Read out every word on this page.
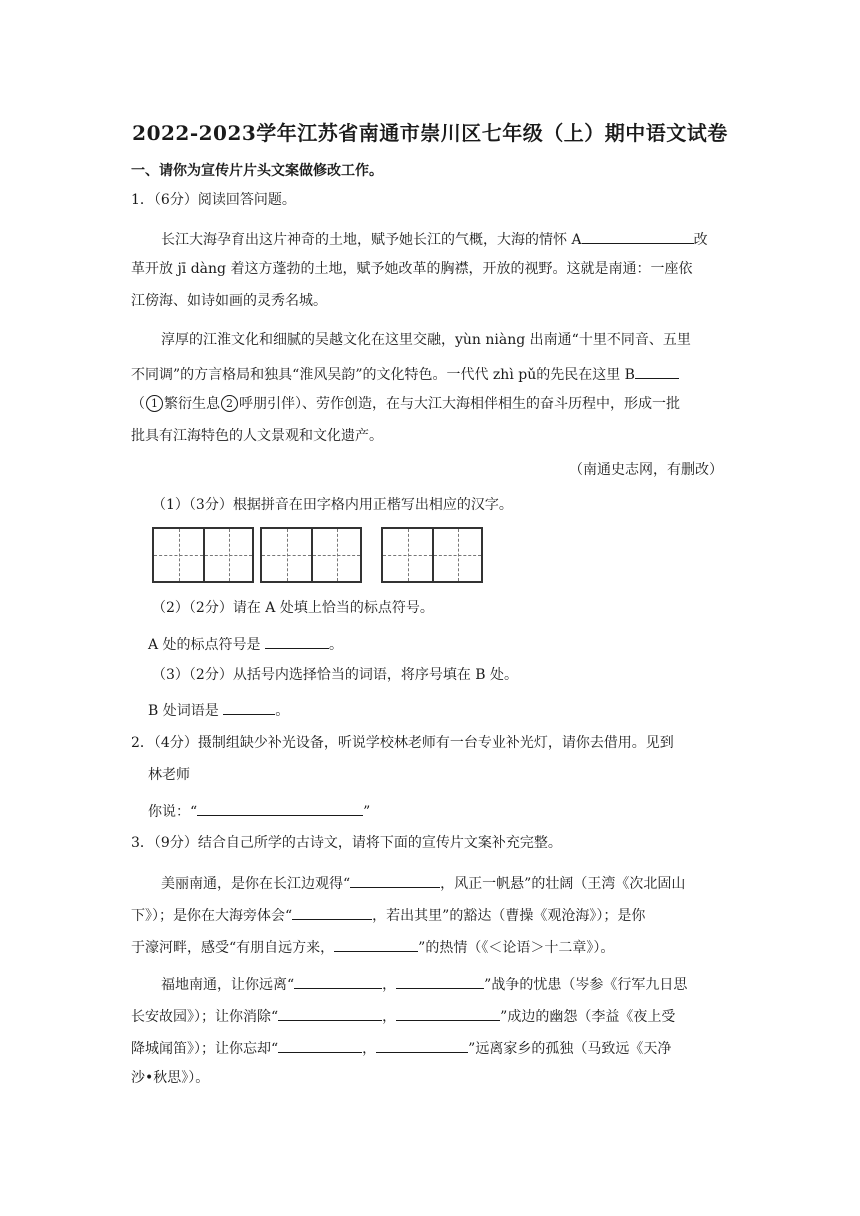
2022-2023学年江苏省南通市崇川区七年级（上）期中语文试卷
一、请你为宣传片片头文案做修改工作。
1．（6分）阅读回答问题。
长江大海孕育出这片神奇的土地，赋予她长江的气概，大海的情怀 A	改
革开放 jī dàng 着这方蓬勃的土地，赋予她改革的胸襟，开放的视野。这就是南通：一座依
江傍海、如诗如画的灵秀名城。
淳厚的江淮文化和细腻的吴越文化在这里交融，yùn niàng 出南通“十里不同音、五里
不同调”的方言格局和独具“淮风吴韵”的文化特色。一代代 zhì pǔ的先民在这里 B
（ 1 繁衍生息 2 呼朋引伴）、劳作创造，在与大江大海相伴相生的奋斗历程中，形成一批
批具有江海特色的人文景观和文化遗产。
（南通史志网，有删改）
（1）（3分）根据拼音在田字格内用正楷写出相应的汉字。
（2）（2分）请在 A 处填上恰当的标点符号。
A 处的标点符号是	。
（3）（2分）从括号内选择恰当的词语，将序号填在 B 处。
B 处词语是	。
2．（4分）摄制组缺少补光设备，听说学校林老师有一台专业补光灯，请你去借用。见到
林老师
你说：“	”
3．（9分）结合自己所学的古诗文，请将下面的宣传片文案补充完整。
美丽南通，是你在长江边观得“	，风正一帆悬”的壮阔（王湾《次北固山
下》）；是你在大海旁体会“	，若出其里”的豁达（曹操《观沧海》）；是你
于濠河畔，感受“有朋自远方来，	”的热情（《＜论语＞十二章》）。
福地南通，让你远离“	，	”战争的忧患（岑参《行军九日思
长安故园》）；让你消除“	，	”成边的幽怨（李益《夜上受
降城闻笛》）；让你忘却“	，	”远离家乡的孤独（马致远《天净
沙•秋思》）。
